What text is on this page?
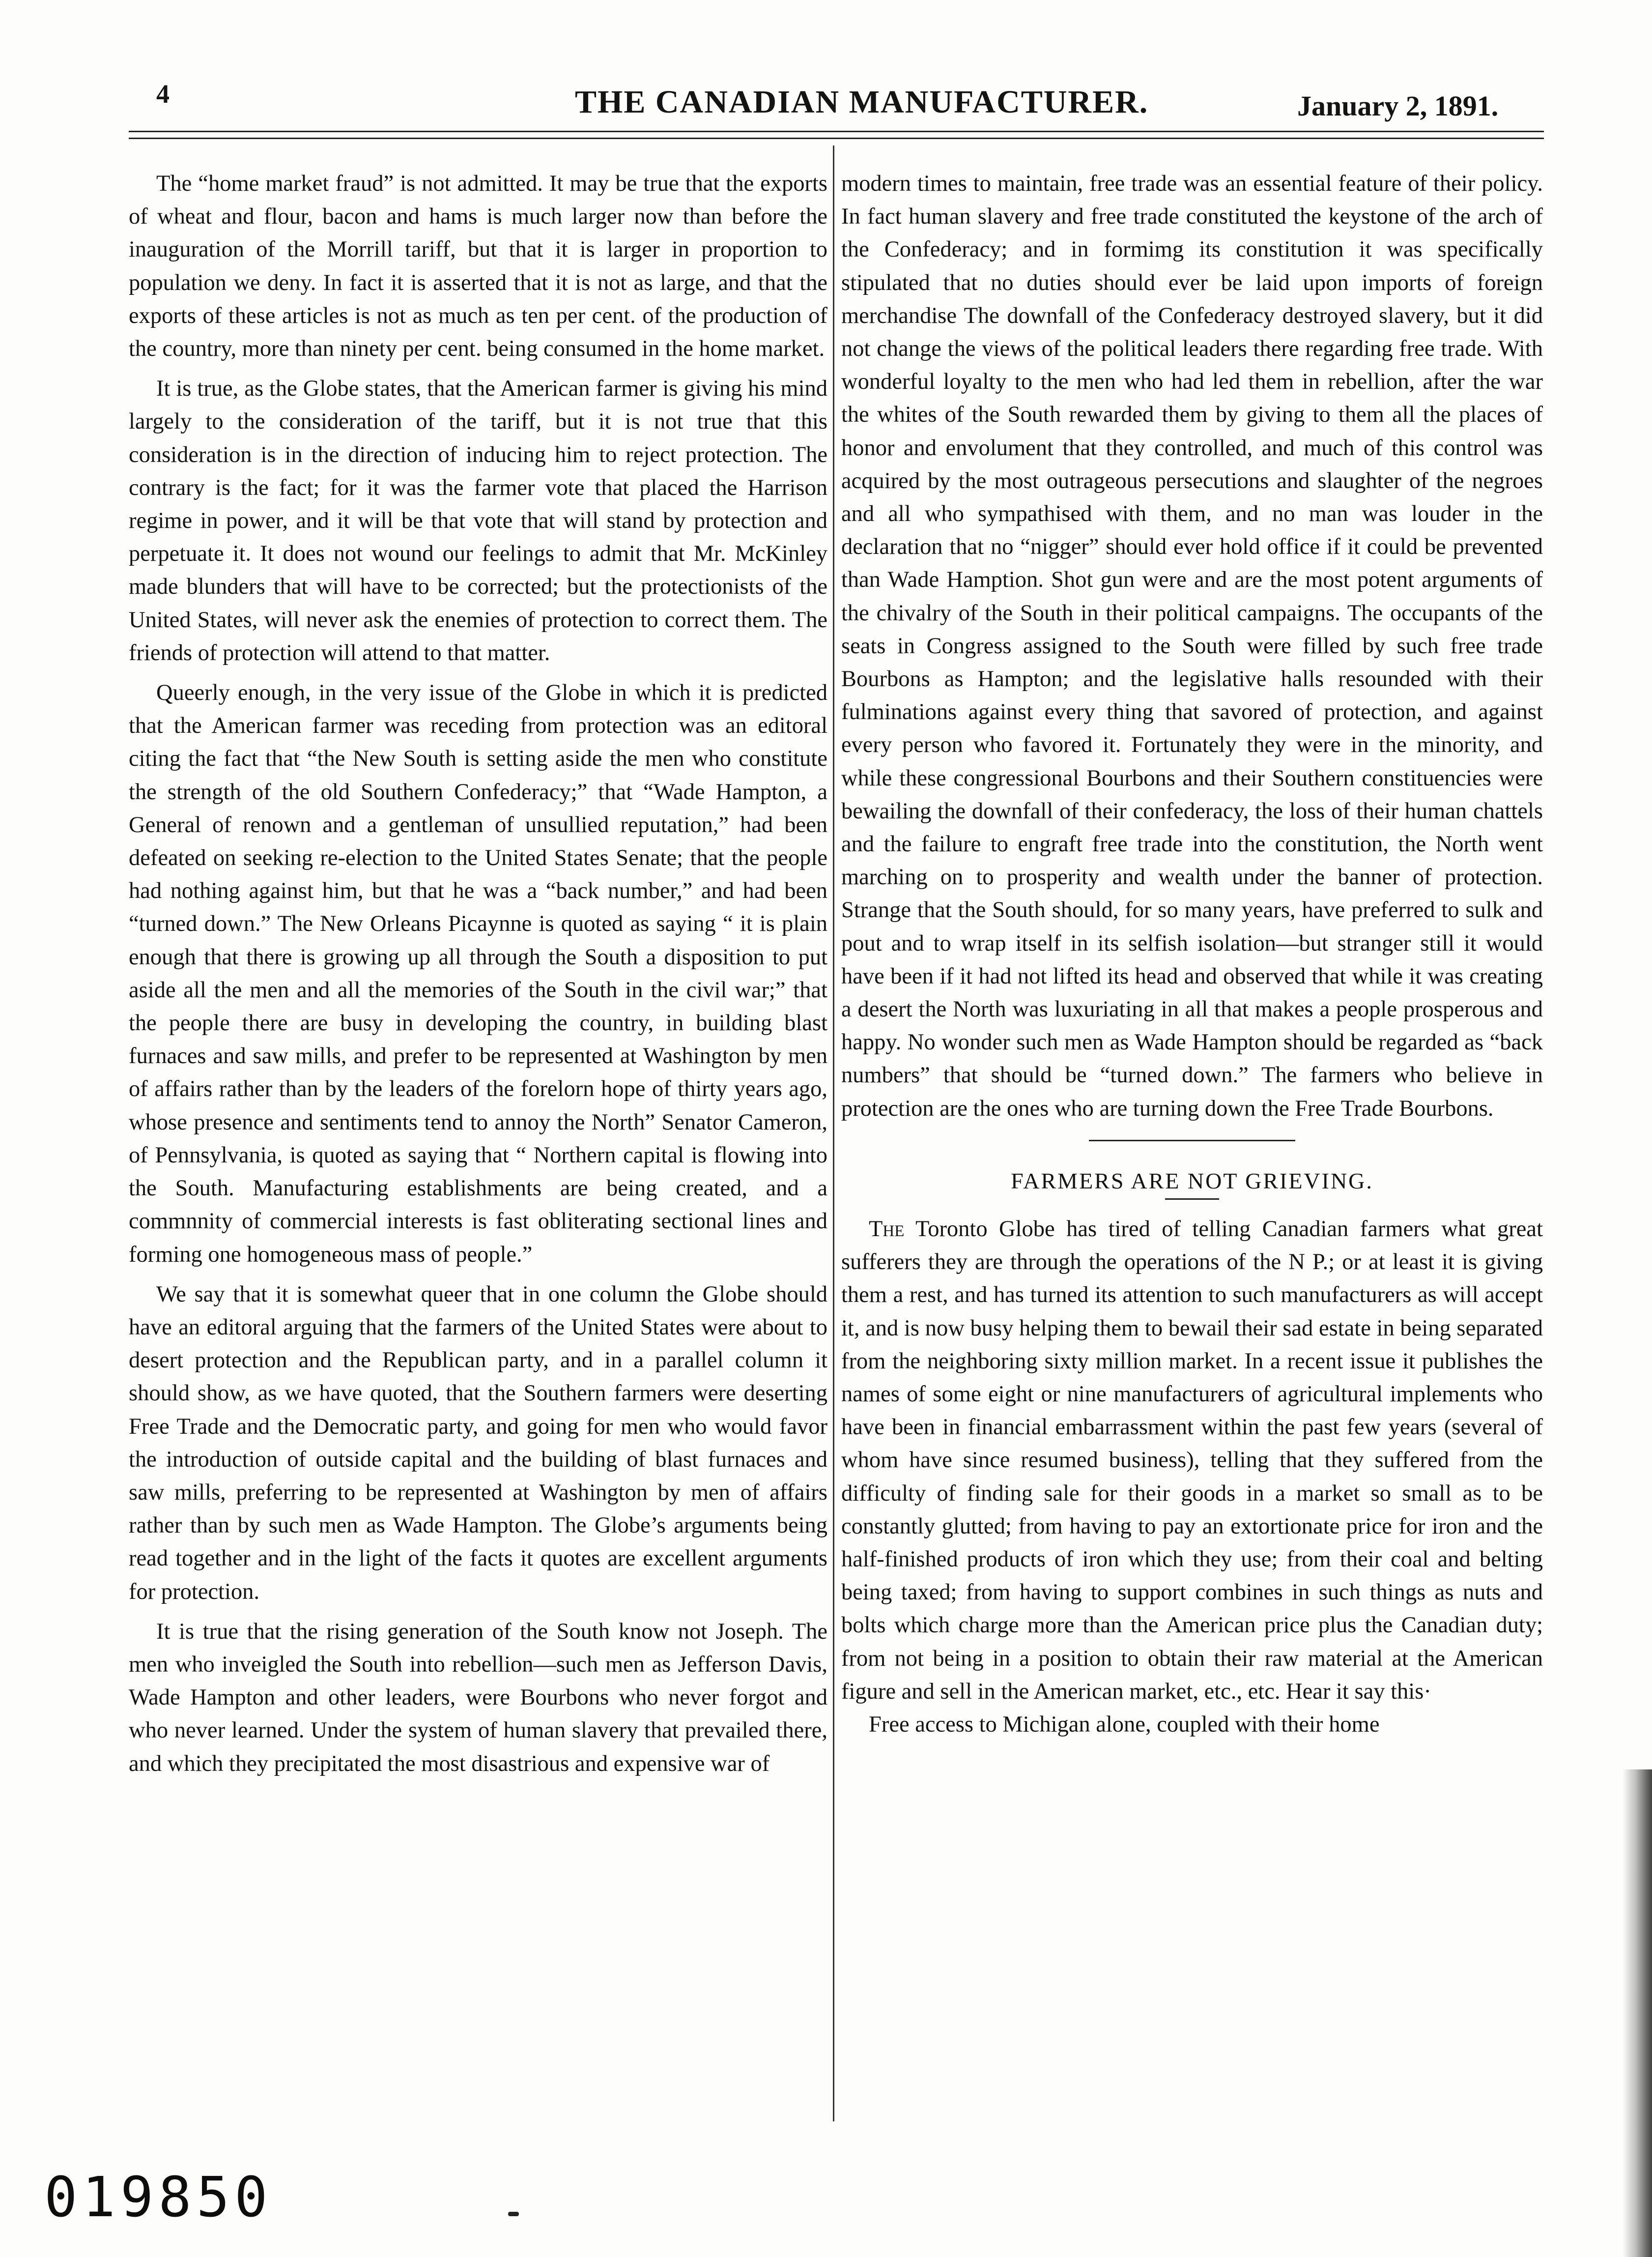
4	THE CANADIAN MANUFACTURER.	January 2, 1891.

The “home market fraud” is not admitted. It may be true that the exports of wheat and flour, bacon and hams is much larger now than before the inauguration of the Morrill tariff, but that it is larger in proportion to population we deny. In fact it is asserted that it is not as large, and that the exports of these articles is not as much as ten per cent. of the production of the country, more than ninety per cent. being consumed in the home market.

It is true, as the Globe states, that the American farmer is giving his mind largely to the consideration of the tariff, but it is not true that this consideration is in the direction of inducing him to reject protection. The contrary is the fact; for it was the farmer vote that placed the Harrison regime in power, and it will be that vote that will stand by protection and perpetuate it. It does not wound our feelings to admit that Mr. McKinley made blunders that will have to be corrected; but the protectionists of the United States, will never ask the enemies of protection to correct them. The friends of protection will attend to that matter.

Queerly enough, in the very issue of the Globe in which it is predicted that the American farmer was receding from protection was an editoral citing the fact that “the New South is setting aside the men who constitute the strength of the old Southern Confederacy;” that “Wade Hampton, a General of renown and a gentleman of unsullied reputation,” had been defeated on seeking re-election to the United States Senate; that the people had nothing against him, but that he was a “back number,” and had been “turned down.” The New Orleans Picaynne is quoted as saying “ it is plain enough that there is growing up all through the South a disposition to put aside all the men and all the memories of the South in the civil war;” that the people there are busy in developing the country, in building blast furnaces and saw mills, and prefer to be represented at Washington by men of affairs rather than by the leaders of the forelorn hope of thirty years ago, whose presence and sentiments tend to annoy the North” Senator Cameron, of Pennsylvania, is quoted as saying that “ Northern capital is flowing into the South. Manufacturing establishments are being created, and a commnnity of commercial interests is fast obliterating sectional lines and forming one homogeneous mass of people.”

We say that it is somewhat queer that in one column the Globe should have an editoral arguing that the farmers of the United States were about to desert protection and the Republican party, and in a parallel column it should show, as we have quoted, that the Southern farmers were deserting Free Trade and the Democratic party, and going for men who would favor the introduction of outside capital and the building of blast furnaces and saw mills, preferring to be represented at Washington by men of affairs rather than by such men as Wade Hampton. The Globe’s arguments being read together and in the light of the facts it quotes are excellent arguments for protection.

It is true that the rising generation of the South know not Joseph. The men who inveigled the South into rebellion—such men as Jefferson Davis, Wade Hampton and other leaders, were Bourbons who never forgot and who never learned. Under the system of human slavery that prevailed there, and which they precipitated the most disastrious and expensive war of

modern times to maintain, free trade was an essential feature of their policy. In fact human slavery and free trade constituted the keystone of the arch of the Confederacy; and in formimg its constitution it was specifically stipulated that no duties should ever be laid upon imports of foreign merchandise The downfall of the Confederacy destroyed slavery, but it did not change the views of the political leaders there regarding free trade. With wonderful loyalty to the men who had led them in rebellion, after the war the whites of the South rewarded them by giving to them all the places of honor and envolument that they controlled, and much of this control was acquired by the most outrageous persecutions and slaughter of the negroes and all who sympathised with them, and no man was louder in the declaration that no “nigger” should ever hold office if it could be prevented than Wade Hamption. Shot gun were and are the most potent arguments of the chivalry of the South in their political campaigns. The occupants of the seats in Congress assigned to the South were filled by such free trade Bourbons as Hampton; and the legislative halls resounded with their fulminations against every thing that savored of protection, and against every person who favored it. Fortunately they were in the minority, and while these congressional Bourbons and their Southern constituencies were bewailing the downfall of their confederacy, the loss of their human chattels and the failure to engraft free trade into the constitution, the North went marching on to prosperity and wealth under the banner of protection. Strange that the South should, for so many years, have preferred to sulk and pout and to wrap itself in its selfish isolation—but stranger still it would have been if it had not lifted its head and observed that while it was creating a desert the North was luxuriating in all that makes a people prosperous and happy. No wonder such men as Wade Hampton should be regarded as “back numbers” that should be “turned down.” The farmers who believe in protection are the ones who are turning down the Free Trade Bourbons.

FARMERS ARE NOT GRIEVING.

The Toronto Globe has tired of telling Canadian farmers what great sufferers they are through the operations of the N P.; or at least it is giving them a rest, and has turned its attention to such manufacturers as will accept it, and is now busy helping them to bewail their sad estate in being separated from the neighboring sixty million market. In a recent issue it publishes the names of some eight or nine manufacturers of agricultural implements who have been in financial embarrassment within the past few years (several of whom have since resumed business), telling that they suffered from the difficulty of finding sale for their goods in a market so small as to be constantly glutted; from having to pay an extortionate price for iron and the half-finished products of iron which they use; from their coal and belting being taxed; from having to support combines in such things as nuts and bolts which charge more than the American price plus the Canadian duty; from not being in a position to obtain their raw material at the American figure and sell in the American market, etc., etc. Hear it say this·

Free access to Michigan alone, coupled with their home

019850
